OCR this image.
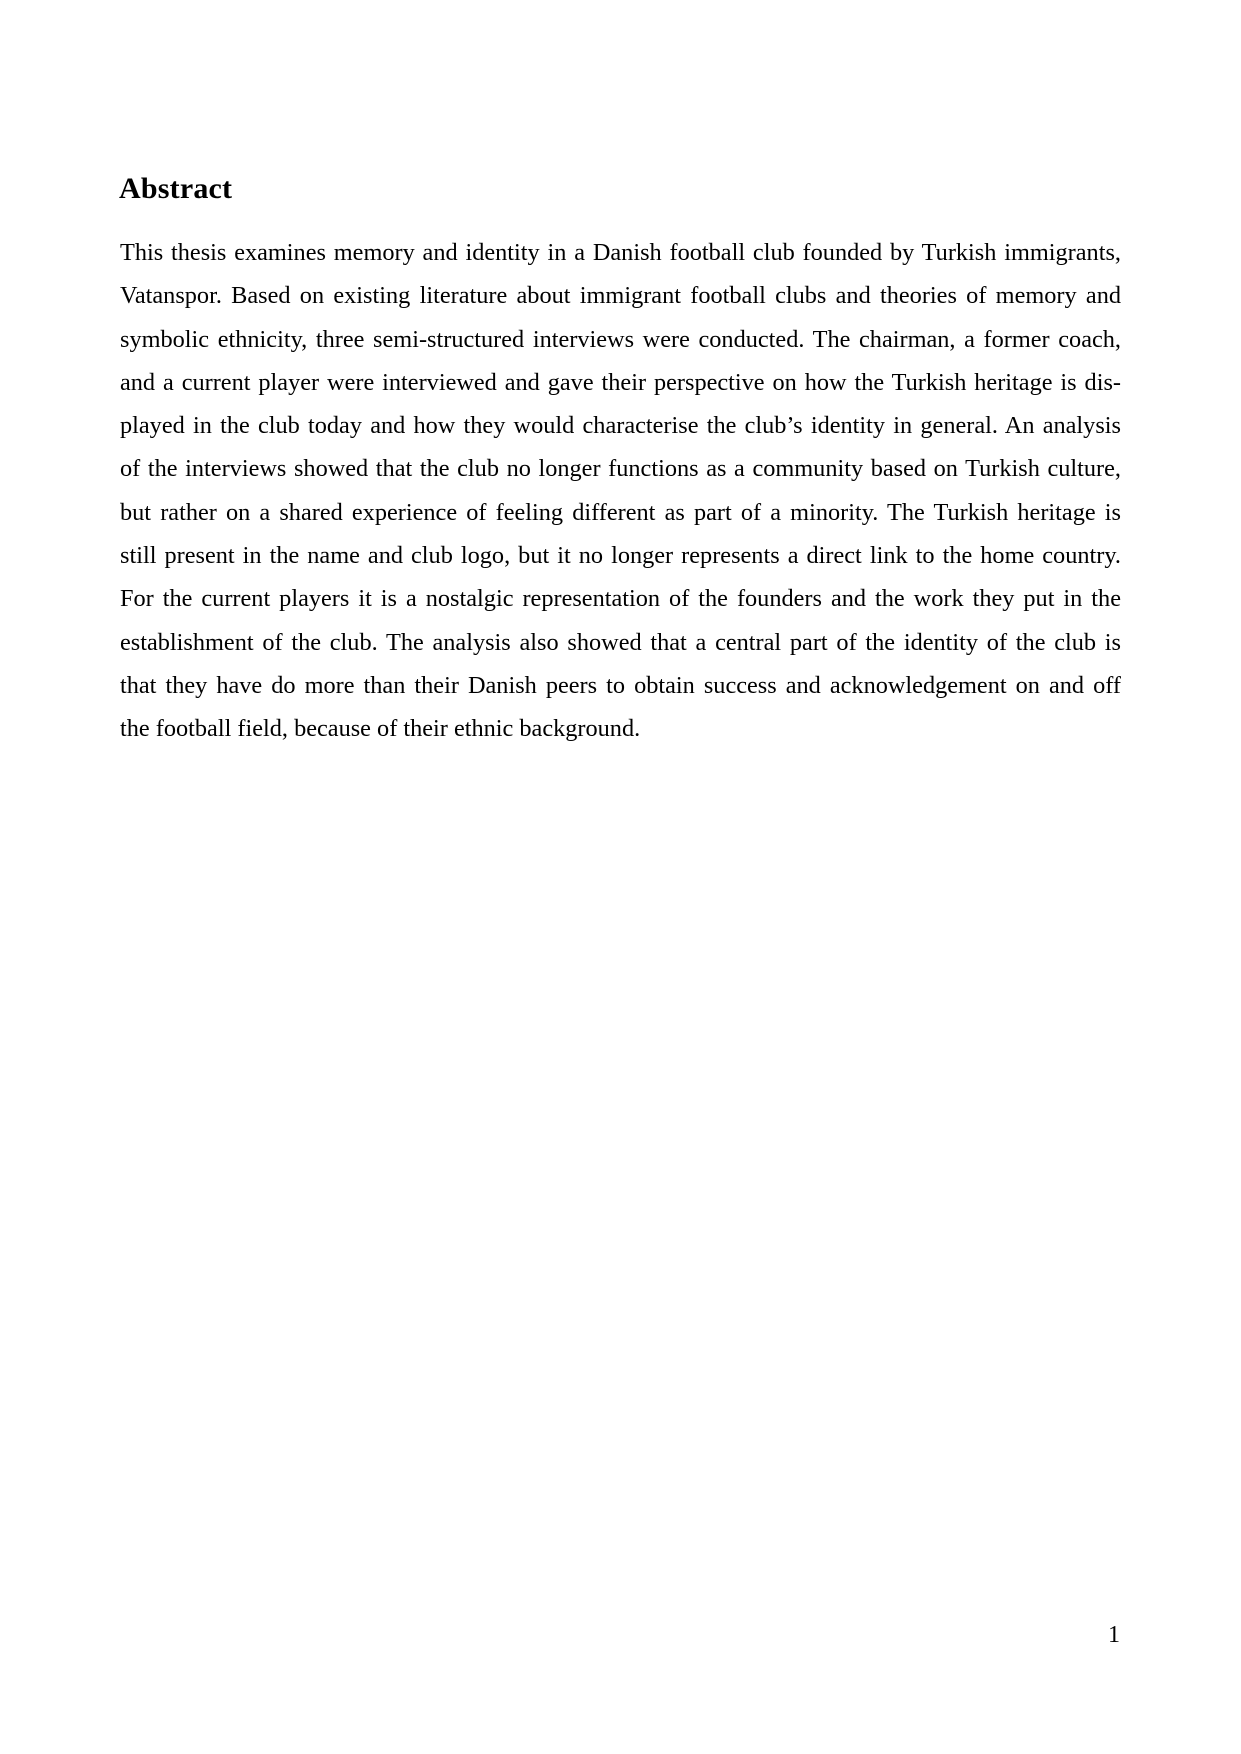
Abstract
This thesis examines memory and identity in a Danish football club founded by Turkish immigrants,
Vatanspor. Based on existing literature about immigrant football clubs and theories of memory and
symbolic ethnicity, three semi-structured interviews were conducted. The chairman, a former coach,
and a current player were interviewed and gave their perspective on how the Turkish heritage is dis-
played in the club today and how they would characterise the club’s identity in general. An analysis
of the interviews showed that the club no longer functions as a community based on Turkish culture,
but rather on a shared experience of feeling different as part of a minority. The Turkish heritage is
still present in the name and club logo, but it no longer represents a direct link to the home country.
For the current players it is a nostalgic representation of the founders and the work they put in the
establishment of the club. The analysis also showed that a central part of the identity of the club is
that they have do more than their Danish peers to obtain success and acknowledgement on and off
the football field, because of their ethnic background.
1
